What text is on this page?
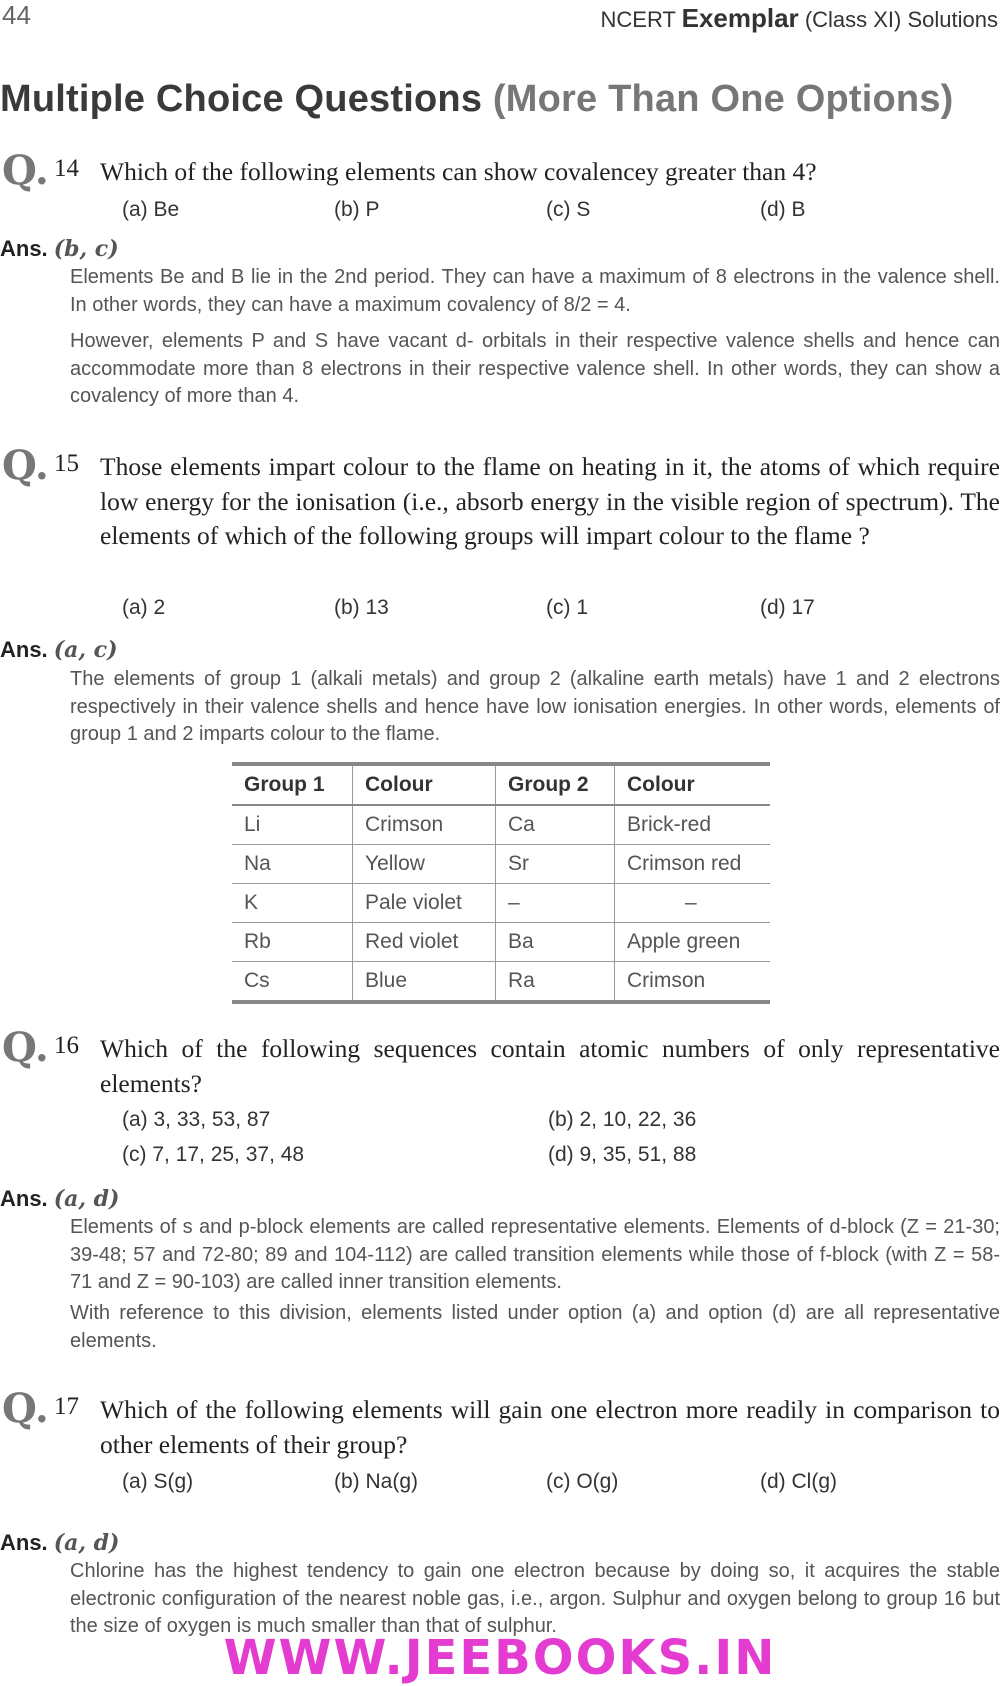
44	NCERT Exemplar (Class XI) Solutions
Multiple Choice Questions (More Than One Options)
Q. 14 Which of the following elements can show covalencey greater than 4?
(a) Be	(b) P	(c) S	(d) B
Ans. (b, c)
Elements Be and B lie in the 2nd period. They can have a maximum of 8 electrons in the valence shell. In other words, they can have a maximum covalency of 8/2 = 4.
However, elements P and S have vacant d- orbitals in their respective valence shells and hence can accommodate more than 8 electrons in their respective valence shell. In other words, they can show a covalency of more than 4.
Q. 15 Those elements impart colour to the flame on heating in it, the atoms of which require low energy for the ionisation (i.e., absorb energy in the visible region of spectrum). The elements of which of the following groups will impart colour to the flame ?
(a) 2	(b) 13	(c) 1	(d) 17
Ans. (a, c)
The elements of group 1 (alkali metals) and group 2 (alkaline earth metals) have 1 and 2 electrons respectively in their valence shells and hence have low ionisation energies. In other words, elements of group 1 and 2 imparts colour to the flame.
Group 1	Colour	Group 2	Colour
Li	Crimson	Ca	Brick-red
Na	Yellow	Sr	Crimson red
K	Pale violet	–	–
Rb	Red violet	Ba	Apple green
Cs	Blue	Ra	Crimson
Q. 16 Which of the following sequences contain atomic numbers of only representative elements?
(a) 3, 33, 53, 87	(b) 2, 10, 22, 36
(c) 7, 17, 25, 37, 48	(d) 9, 35, 51, 88
Ans. (a, d)
Elements of s and p-block elements are called representative elements. Elements of d-block (Z = 21-30; 39-48; 57 and 72-80; 89 and 104-112) are called transition elements while those of f-block (with Z = 58-71 and Z = 90-103) are called inner transition elements.
With reference to this division, elements listed under option (a) and option (d) are all representative elements.
Q. 17 Which of the following elements will gain one electron more readily in comparison to other elements of their group?
(a) S(g)	(b) Na(g)	(c) O(g)	(d) Cl(g)
Ans. (a, d)
Chlorine has the highest tendency to gain one electron because by doing so, it acquires the stable electronic configuration of the nearest noble gas, i.e., argon. Sulphur and oxygen belong to group 16 but the size of oxygen is much smaller than that of sulphur.
WWW.JEEBOOKS.IN
